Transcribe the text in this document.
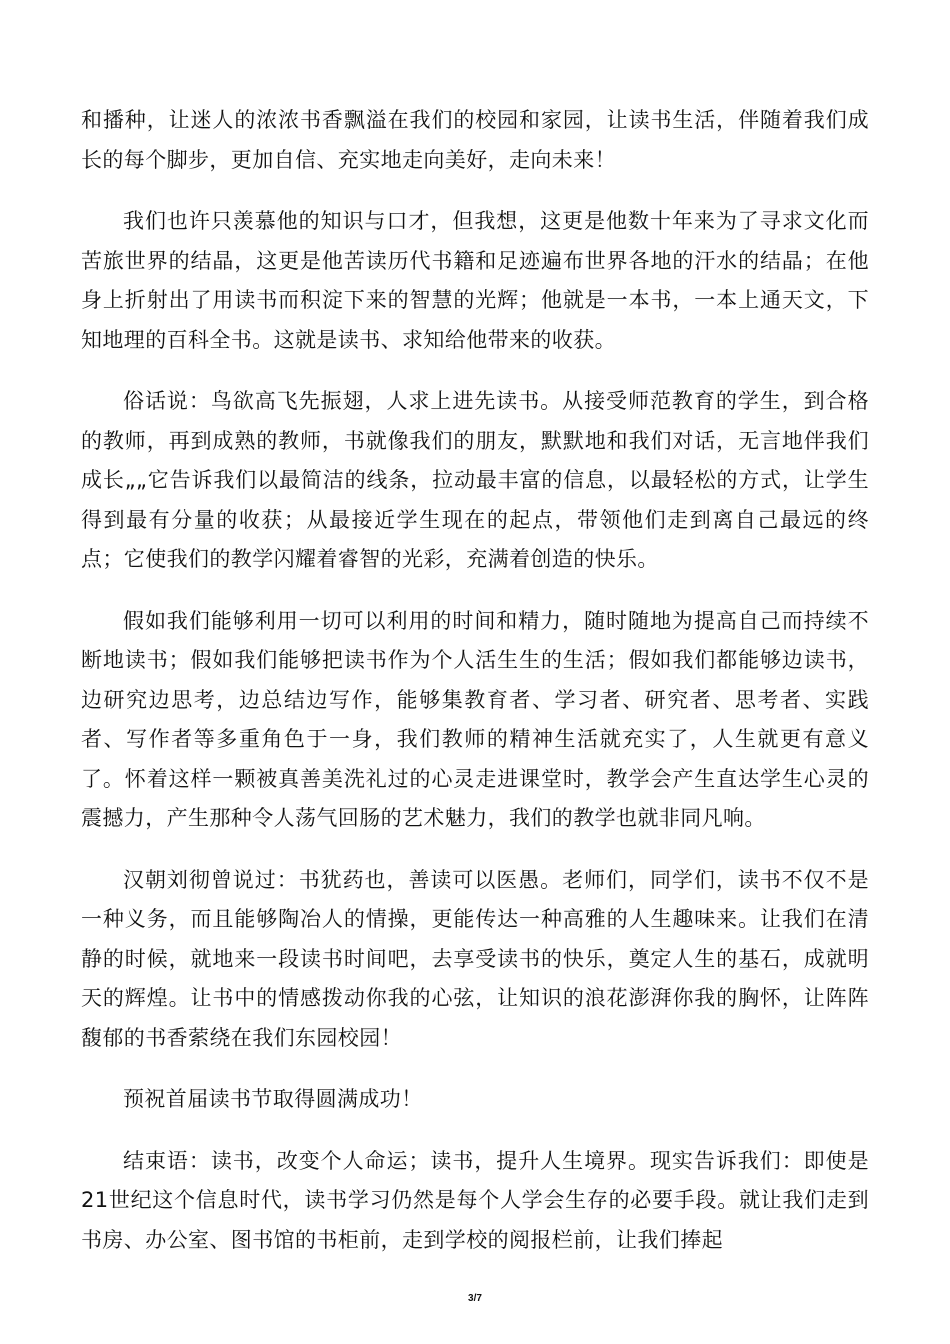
和播种，让迷人的浓浓书香飘溢在我们的校园和家园，让读书生活，伴随着我们成长的每个脚步，更加自信、充实地走向美好，走向未来！

我们也许只羡慕他的知识与口才，但我想，这更是他数十年来为了寻求文化而苦旅世界的结晶，这更是他苦读历代书籍和足迹遍布世界各地的汗水的结晶；在他身上折射出了用读书而积淀下来的智慧的光辉；他就是一本书，一本上通天文，下知地理的百科全书。这就是读书、求知给他带来的收获。

俗话说：鸟欲高飞先振翅，人求上进先读书。从接受师范教育的学生，到合格的教师，再到成熟的教师，书就像我们的朋友，默默地和我们对话，无言地伴我们成长„„它告诉我们以最简洁的线条，拉动最丰富的信息，以最轻松的方式，让学生得到最有分量的收获；从最接近学生现在的起点，带领他们走到离自己最远的终点；它使我们的教学闪耀着睿智的光彩，充满着创造的快乐。

假如我们能够利用一切可以利用的时间和精力，随时随地为提高自己而持续不断地读书；假如我们能够把读书作为个人活生生的生活；假如我们都能够边读书，边研究边思考，边总结边写作，能够集教育者、学习者、研究者、思考者、实践者、写作者等多重角色于一身，我们教师的精神生活就充实了，人生就更有意义了。怀着这样一颗被真善美洗礼过的心灵走进课堂时，教学会产生直达学生心灵的震撼力，产生那种令人荡气回肠的艺术魅力，我们的教学也就非同凡响。

汉朝刘彻曾说过：书犹药也，善读可以医愚。老师们，同学们，读书不仅不是一种义务，而且能够陶冶人的情操，更能传达一种高雅的人生趣味来。让我们在清静的时候，就地来一段读书时间吧，去享受读书的快乐，奠定人生的基石，成就明天的辉煌。让书中的情感拨动你我的心弦，让知识的浪花澎湃你我的胸怀，让阵阵馥郁的书香萦绕在我们东园校园！

预祝首届读书节取得圆满成功！

结束语：读书，改变个人命运；读书，提升人生境界。现实告诉我们：即使是21世纪这个信息时代，读书学习仍然是每个人学会生存的必要手段。就让我们走到书房、办公室、图书馆的书柜前，走到学校的阅报栏前，让我们捧起

3/7
